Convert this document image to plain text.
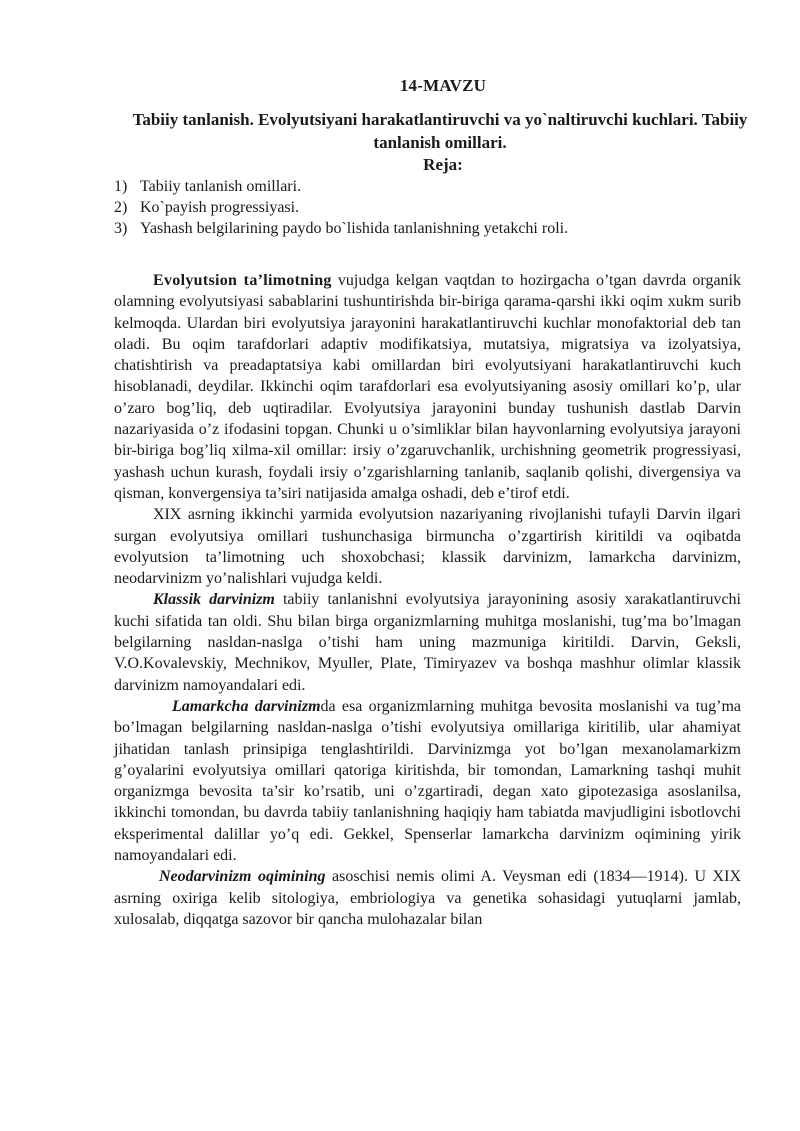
14-MAVZU
Tabiiy tanlanish. Evolyutsiyani harakatlantiruvchi va yo`naltiruvchi kuchlari. Tabiiy tanlanish omillari.
Reja:
1) Tabiiy tanlanish omillari.
2) Ko`payish progressiyasi.
3) Yashash belgilarining paydo bo`lishida tanlanishning yetakchi roli.

Evolyutsion ta’limotning vujudga kelgan vaqtdan to hozirgacha o’tgan davrda organik olamning evolyutsiyasi sabablarini tushuntirishda bir-biriga qarama-qarshi ikki oqim xukm surib kelmoqda. Ulardan biri evolyutsiya jarayonini harakatlantiruvchi kuchlar monofaktorial deb tan oladi. Bu oqim tarafdorlari adaptiv modifikatsiya, mutatsiya, migratsiya va izolyatsiya, chatishtirish va preadaptatsiya kabi omillardan biri evolyutsiyani harakatlantiruvchi kuch hisoblanadi, deydilar. Ikkinchi oqim tarafdorlari esa evolyutsiyaning asosiy omillari ko’p, ular o’zaro bog’liq, deb uqtiradilar. Evolyutsiya jarayonini bunday tushunish dastlab Darvin nazariyasida o’z ifodasini topgan. Chunki u o’simliklar bilan hayvonlarning evolyutsiya jarayoni bir-biriga bog’liq xilma-xil omillar: irsiy o’zgaruvchanlik, urchishning geometrik progressiyasi, yashash uchun kurash, foydali irsiy o’zgarishlarning tanlanib, saqlanib qolishi, divergensiya va qisman, konvergensiya ta’siri natijasida amalga oshadi, deb e’tirof etdi.

XIX asrning ikkinchi yarmida evolyutsion nazariyaning rivojlanishi tufayli Darvin ilgari surgan evolyutsiya omillari tushunchasiga birmuncha o’zgartirish kiritildi va oqibatda evolyutsion ta’limotning uch shoxobchasi; klassik darvinizm, lamarkcha darvinizm, neodarvinizm yo’nalishlari vujudga keldi.

Klassik darvinizm tabiiy tanlanishni evolyutsiya jarayonining asosiy xarakatlantiruvchi kuchi sifatida tan oldi. Shu bilan birga organizmlarning muhitga moslanishi, tug’ma bo’lmagan belgilarning nasldan-naslga o’tishi ham uning mazmuniga kiritildi. Darvin, Geksli, V.O.Kovalevskiy, Mechnikov, Myuller, Plate, Timiryazev va boshqa mashhur olimlar klassik darvinizm namoyandalari edi.

Lamarkcha darvinizmda esa organizmlarning muhitga bevosita moslanishi va tug’ma bo’lmagan belgilarning nasldan-naslga o’tishi evolyutsiya omillariga kiritilib, ular ahamiyat jihatidan tanlash prinsipiga tenglashtirildi. Darvinizmga yot bo’lgan mexanolamarkizm g’oyalarini evolyutsiya omillari qatoriga kiritishda, bir tomondan, Lamarkning tashqi muhit organizmga bevosita ta’sir ko’rsatib, uni o’zgartiradi, degan xato gipotezasiga asoslanilsa, ikkinchi tomondan, bu davrda tabiiy tanlanishning haqiqiy ham tabiatda mavjudligini isbotlovchi eksperimental dalillar yo’q edi. Gekkel, Spenserlar lamarkcha darvinizm oqimining yirik namoyandalari edi.

Neodarvinizm oqimining asoschisi nemis olimi A. Veysman edi (1834—1914). U XIX asrning oxiriga kelib sitologiya, embriologiya va genetika sohasidagi yutuqlarni jamlab, xulosalab, diqqatga sazovor bir qancha mulohazalar bilan
